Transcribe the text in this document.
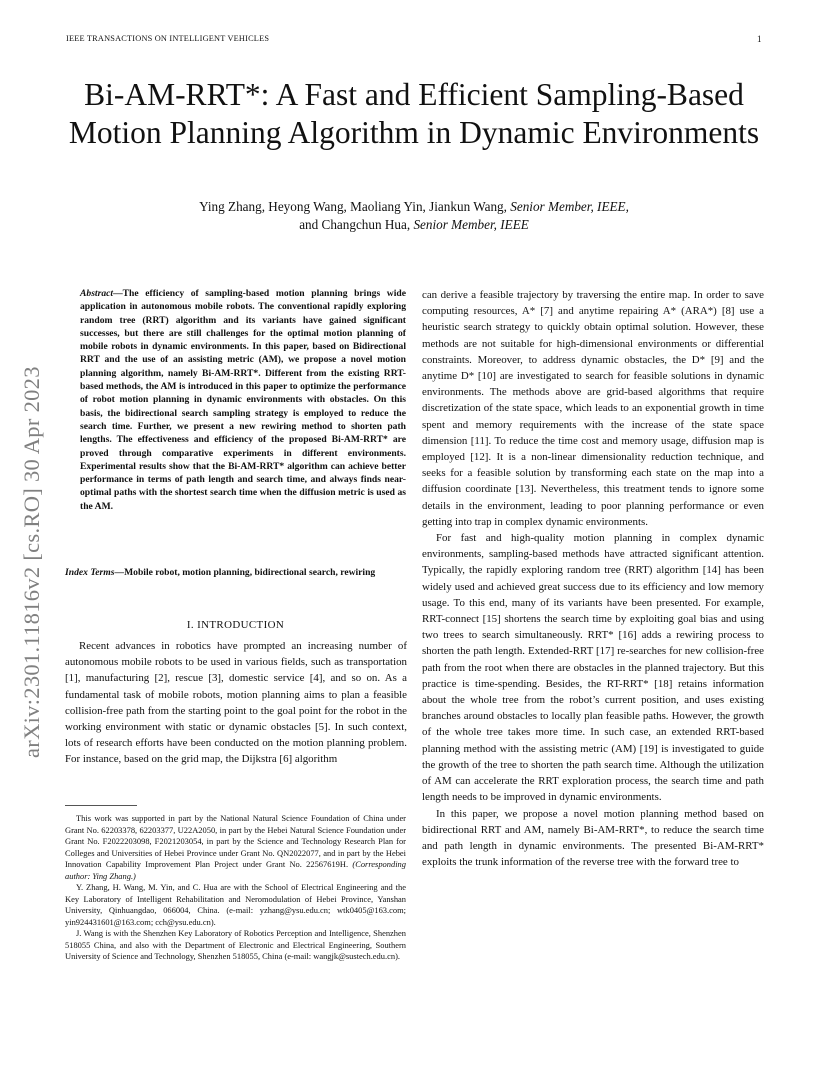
IEEE TRANSACTIONS ON INTELLIGENT VEHICLES	1
arXiv:2301.11816v2 [cs.RO] 30 Apr 2023
Bi-AM-RRT*: A Fast and Efficient Sampling-Based Motion Planning Algorithm in Dynamic Environments
Ying Zhang, Heyong Wang, Maoliang Yin, Jiankun Wang, Senior Member, IEEE,
and Changchun Hua, Senior Member, IEEE
Abstract—The efficiency of sampling-based motion planning brings wide application in autonomous mobile robots. The conventional rapidly exploring random tree (RRT) algorithm and its variants have gained significant successes, but there are still challenges for the optimal motion planning of mobile robots in dynamic environments. In this paper, based on Bidirectional RRT and the use of an assisting metric (AM), we propose a novel motion planning algorithm, namely Bi-AM-RRT*. Different from the existing RRT-based methods, the AM is introduced in this paper to optimize the performance of robot motion planning in dynamic environments with obstacles. On this basis, the bidirectional search sampling strategy is employed to reduce the search time. Further, we present a new rewiring method to shorten path lengths. The effectiveness and efficiency of the proposed Bi-AM-RRT* are proved through comparative experiments in different environments. Experimental results show that the Bi-AM-RRT* algorithm can achieve better performance in terms of path length and search time, and always finds near-optimal paths with the shortest search time when the diffusion metric is used as the AM.
Index Terms—Mobile robot, motion planning, bidirectional search, rewiring
I. INTRODUCTION

Recent advances in robotics have prompted an increasing number of autonomous mobile robots to be used in various fields, such as transportation [1], manufacturing [2], rescue [3], domestic service [4], and so on. As a fundamental task of mobile robots, motion planning aims to plan a feasible collision-free path from the starting point to the goal point for the robot in the working environment with static or dynamic obstacles [5]. In such context, lots of research efforts have been conducted on the motion planning problem. For instance, based on the grid map, the Dijkstra [6] algorithm

This work was supported in part by the National Natural Science Foundation of China under Grant No. 62203378, 62203377, U22A2050, in part by the Hebei Natural Science Foundation under Grant No. F2022203098, F2021203054, in part by the Science and Technology Research Plan for Colleges and Universities of Hebei Province under Grant No. QN2022077, and in part by the Hebei Innovation Capability Improvement Plan Project under Grant No. 22567619H. (Corresponding author: Ying Zhang.)

Y. Zhang, H. Wang, M. Yin, and C. Hua are with the School of Electrical Engineering and the Key Laboratory of Intelligent Rehabilitation and Neromodulation of Hebei Province, Yanshan University, Qinhuangdao, 066004, China. (e-mail: yzhang@ysu.edu.cn; wtk0405@163.com; yin924431601@163.com; cch@ysu.edu.cn).

J. Wang is with the Shenzhen Key Laboratory of Robotics Perception and Intelligence, Shenzhen 518055 China, and also with the Department of Electronic and Electrical Engineering, Southern University of Science and Technology, Shenzhen 518055, China (e-mail: wangjk@sustech.edu.cn).

can derive a feasible trajectory by traversing the entire map. In order to save computing resources, A* [7] and anytime repairing A* (ARA*) [8] use a heuristic search strategy to quickly obtain optimal solution. However, these methods are not suitable for high-dimensional environments or differential constraints. Moreover, to address dynamic obstacles, the D* [9] and the anytime D* [10] are investigated to search for feasible solutions in dynamic environments. The methods above are grid-based algorithms that require discretization of the state space, which leads to an exponential growth in time spent and memory requirements with the increase of the state space dimension [11]. To reduce the time cost and memory usage, diffusion map is employed [12]. It is a non-linear dimensionality reduction technique, and seeks for a feasible solution by transforming each state on the map into a diffusion coordinate [13]. Nevertheless, this treatment tends to ignore some details in the environment, leading to poor planning performance or even getting into trap in complex dynamic environments.

For fast and high-quality motion planning in complex dynamic environments, sampling-based methods have attracted significant attention. Typically, the rapidly exploring random tree (RRT) algorithm [14] has been widely used and achieved great success due to its efficiency and low memory usage. To this end, many of its variants have been presented. For example, RRT-connect [15] shortens the search time by exploiting goal bias and using two trees to search simultaneously. RRT* [16] adds a rewiring process to shorten the path length. Extended-RRT [17] re-searches for new collision-free path from the root when there are obstacles in the planned trajectory. But this practice is time-spending. Besides, the RT-RRT* [18] retains information about the whole tree from the robot’s current position, and uses existing branches around obstacles to locally plan feasible paths. However, the growth of the whole tree takes more time. In such case, an extended RRT-based planning method with the assisting metric (AM) [19] is investigated to guide the growth of the tree to shorten the path search time. Although the utilization of AM can accelerate the RRT exploration process, the search time and path length needs to be improved in dynamic environments.

In this paper, we propose a novel motion planning method based on bidirectional RRT and AM, namely Bi-AM-RRT*, to reduce the search time and path length in dynamic environments. The presented Bi-AM-RRT* exploits the trunk information of the reverse tree with the forward tree to
